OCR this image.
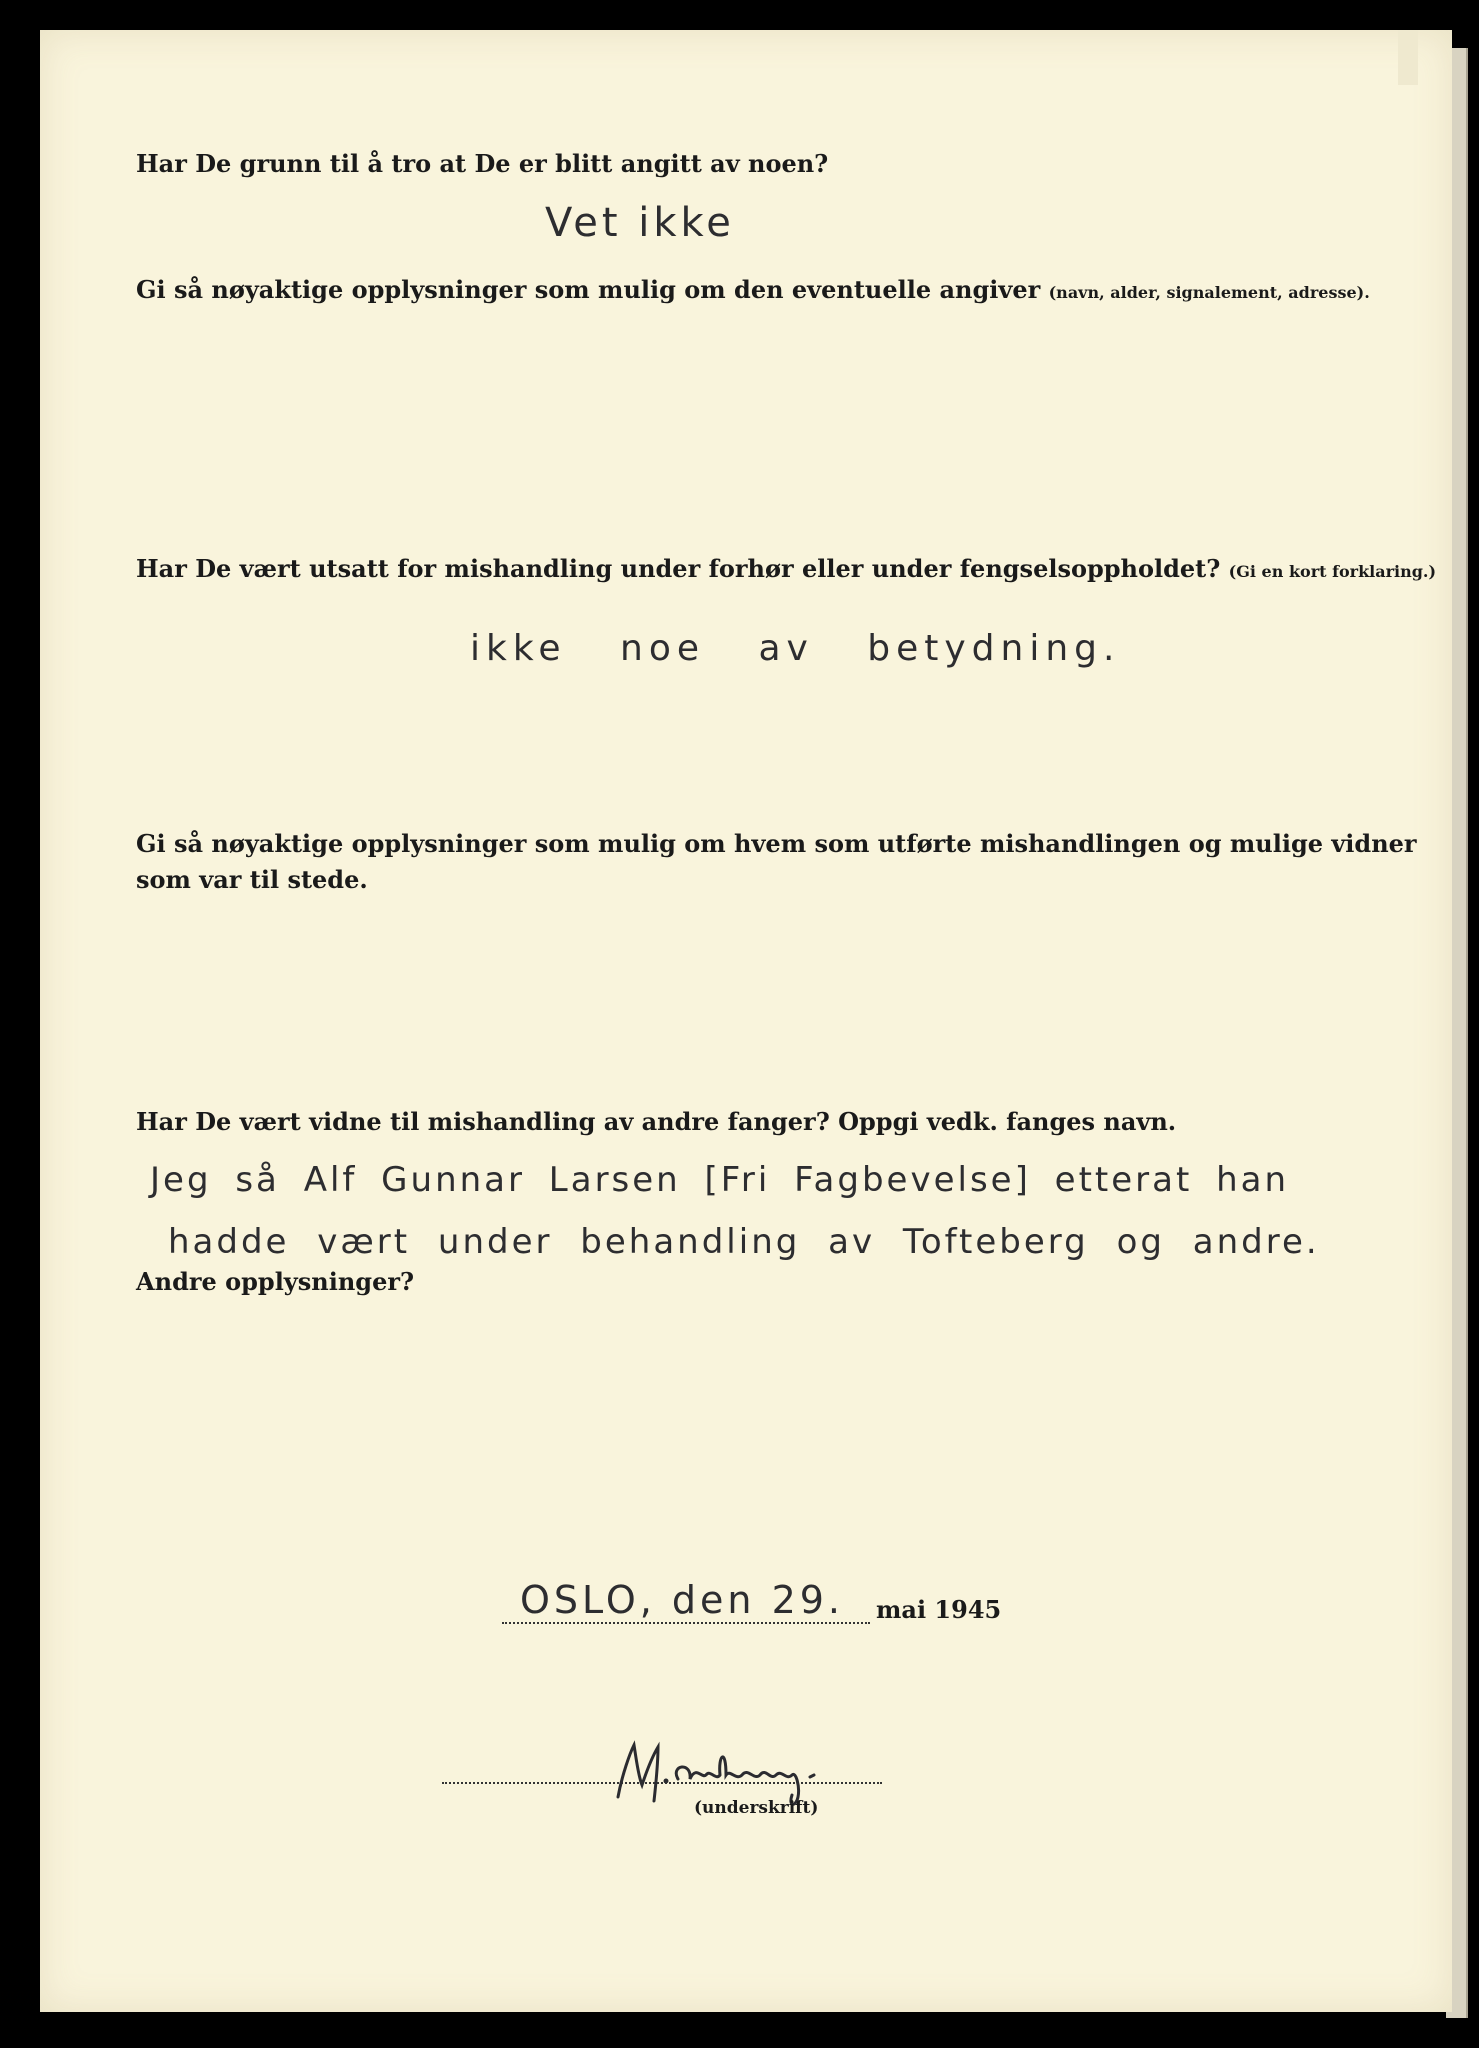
Har De grunn til å tro at De er blitt angitt av noen?
Vet ikke
Gi så nøyaktige opplysninger som mulig om den eventuelle angiver (navn, alder, signalement, adresse).
Har De vært utsatt for mishandling under forhør eller under fengselsoppholdet? (Gi en kort forklaring.)
ikke noe av betydning.
Gi så nøyaktige opplysninger som mulig om hvem som utførte mishandlingen og mulige vidner
som var til stede.
Har De vært vidne til mishandling av andre fanger? Oppgi vedk. fanges navn.
Jeg så Alf Gunnar Larsen [Fri Fagbevelse] etterat han
hadde vært under behandling av Tofteberg og andre.
Andre opplysninger?
OSLO, den 29. mai 1945
(underskrift)
